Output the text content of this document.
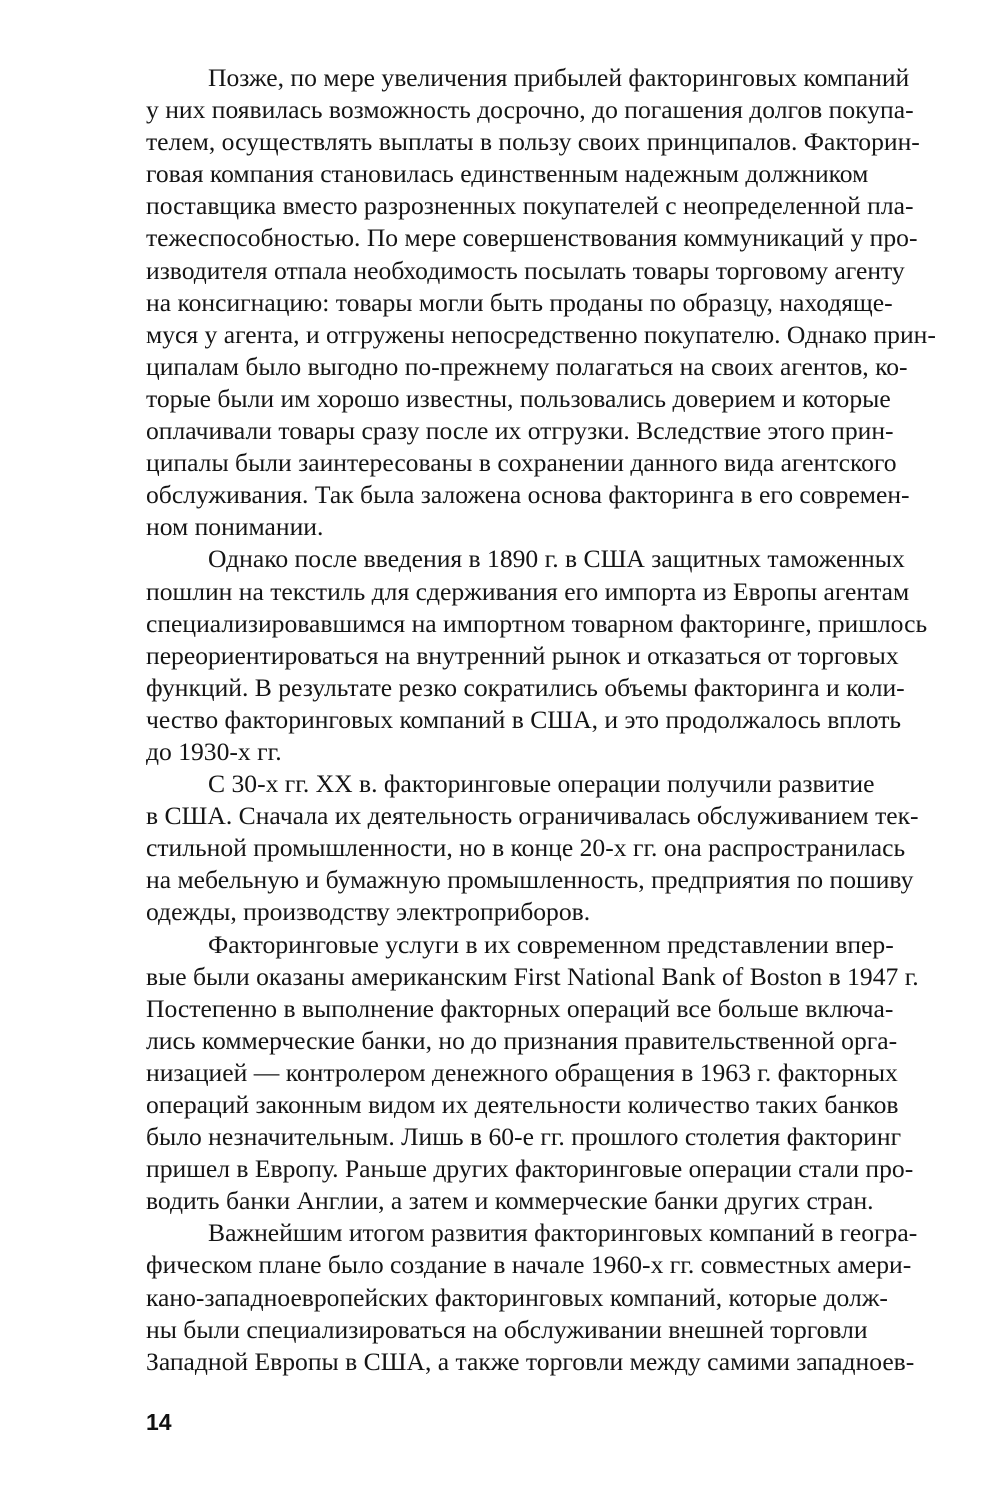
Позже, по мере увеличения прибылей факторинговых компаний
у них появилась возможность досрочно, до погашения долгов покупа-
телем, осуществлять выплаты в пользу своих принципалов. Факторин-
говая компания становилась единственным надежным должником
поставщика вместо разрозненных покупателей с неопределенной пла-
тежеспособностью. По мере совершенствования коммуникаций у про-
изводителя отпала необходимость посылать товары торговому агенту
на консигнацию: товары могли быть проданы по образцу, находяще-
муся у агента, и отгружены непосредственно покупателю. Однако прин-
ципалам было выгодно по-прежнему полагаться на своих агентов, ко-
торые были им хорошо известны, пользовались доверием и которые
оплачивали товары сразу после их отгрузки. Вследствие этого прин-
ципалы были заинтересованы в сохранении данного вида агентского
обслуживания. Так была заложена основа факторинга в его современ-
ном понимании.
Однако после введения в 1890 г. в США защитных таможенных
пошлин на текстиль для сдерживания его импорта из Европы агентам
специализировавшимся на импортном товарном факторинге, пришлось
переориентироваться на внутренний рынок и отказаться от торговых
функций. В результате резко сократились объемы факторинга и коли-
чество факторинговых компаний в США, и это продолжалось вплоть
до 1930-х гг.
С 30-х гг. XX в. факторинговые операции получили развитие
в США. Сначала их деятельность ограничивалась обслуживанием тек-
стильной промышленности, но в конце 20-х гг. она распространилась
на мебельную и бумажную промышленность, предприятия по пошиву
одежды, производству электроприборов.
Факторинговые услуги в их современном представлении впер-
вые были оказаны американским First National Bank of Boston в 1947 г.
Постепенно в выполнение факторных операций все больше включа-
лись коммерческие банки, но до признания правительственной орга-
низацией — контролером денежного обращения в 1963 г. факторных
операций законным видом их деятельности количество таких банков
было незначительным. Лишь в 60-е гг. прошлого столетия факторинг
пришел в Европу. Раньше других факторинговые операции стали про-
водить банки Англии, а затем и коммерческие банки других стран.
Важнейшим итогом развития факторинговых компаний в геогра-
фическом плане было создание в начале 1960-х гг. совместных амери-
кано-западноевропейских факторинговых компаний, которые долж-
ны были специализироваться на обслуживании внешней торговли
Западной Европы в США, а также торговли между самими западноев-
14
